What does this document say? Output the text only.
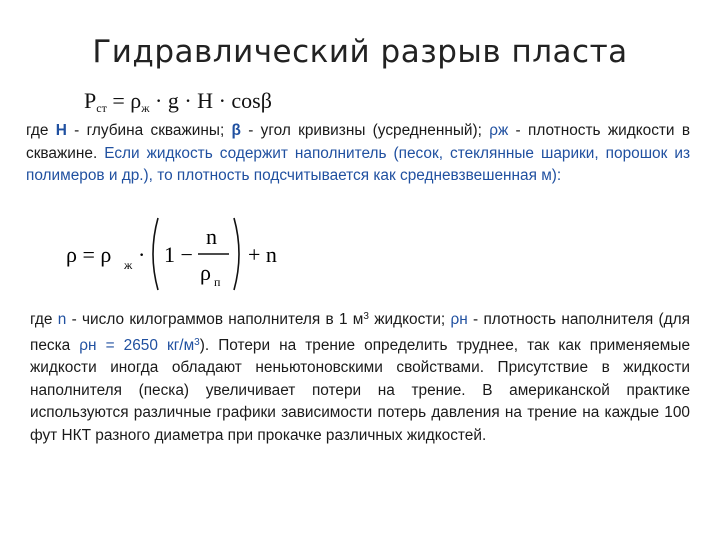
Гидравлический разрыв пласта
$P_{ст} = \rho_ж \cdot g \cdot H \cdot \cos\beta$

где H - глубина скважины; β - угол кривизны (усредненный); ρж - плотность жидкости в скважине. Если жидкость содержит наполнитель (песок, стеклянные шарики, порошок из полимеров и др.), то плотность подсчитывается как средневзвешенная м):

ρ = ρ ж · 1 −
n
ρ п
+ n

где n - число килограммов наполнителя в 1 $м^3$ жидкости; ρн - плотность наполнителя (для песка ρн = 2650 $кг/м^3$). Потери на трение определить труднее, так как применяемые жидкости иногда обладают неньютоновскими свойствами. Присутствие в жидкости наполнителя (песка) увеличивает потери на трение. В американской практике используются различные графики зависимости потерь давления на трение на каждые 100 фут НКТ разного диаметра при прокачке различных жидкостей.
